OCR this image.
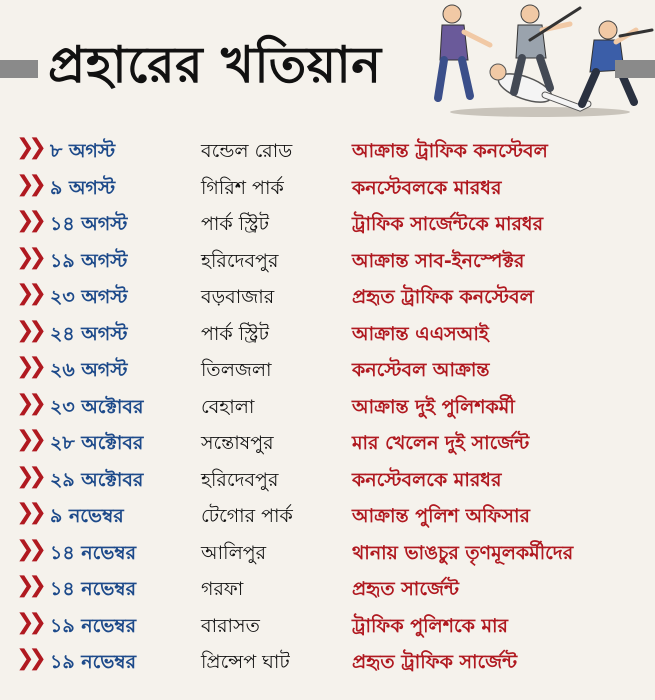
প্রহারের খতিয়ান
❯❯ ৮ অগস্ট	বন্ডেল রোড	আক্রান্ত ট্রাফিক কনস্টেবল
❯❯ ৯ অগস্ট	গিরিশ পার্ক	কনস্টেবলকে মারধর
❯❯ ১৪ অগস্ট	পার্ক স্ট্রিট	ট্রাফিক সার্জেন্টকে মারধর
❯❯ ১৯ অগস্ট	হরিদেবপুর	আক্রান্ত সাব-ইনস্পেক্টর
❯❯ ২৩ অগস্ট	বড়বাজার	প্রহৃত ট্রাফিক কনস্টেবল
❯❯ ২৪ অগস্ট	পার্ক স্ট্রিট	আক্রান্ত এএসআই
❯❯ ২৬ অগস্ট	তিলজলা	কনস্টেবল আক্রান্ত
❯❯ ২৩ অক্টোবর	বেহালা	আক্রান্ত দুই পুলিশকর্মী
❯❯ ২৮ অক্টোবর	সন্তোষপুর	মার খেলেন দুই সার্জেন্ট
❯❯ ২৯ অক্টোবর	হরিদেবপুর	কনস্টেবলকে মারধর
❯❯ ৯ নভেম্বর	টেগোর পার্ক	আক্রান্ত পুলিশ অফিসার
❯❯ ১৪ নভেম্বর	আলিপুর	থানায় ভাঙচুর তৃণমূলকর্মীদের
❯❯ ১৪ নভেম্বর	গরফা	প্রহৃত সার্জেন্ট
❯❯ ১৯ নভেম্বর	বারাসত	ট্রাফিক পুলিশকে মার
❯❯ ১৯ নভেম্বর	প্রিন্সেপ ঘাট	প্রহৃত ট্রাফিক সার্জেন্ট
